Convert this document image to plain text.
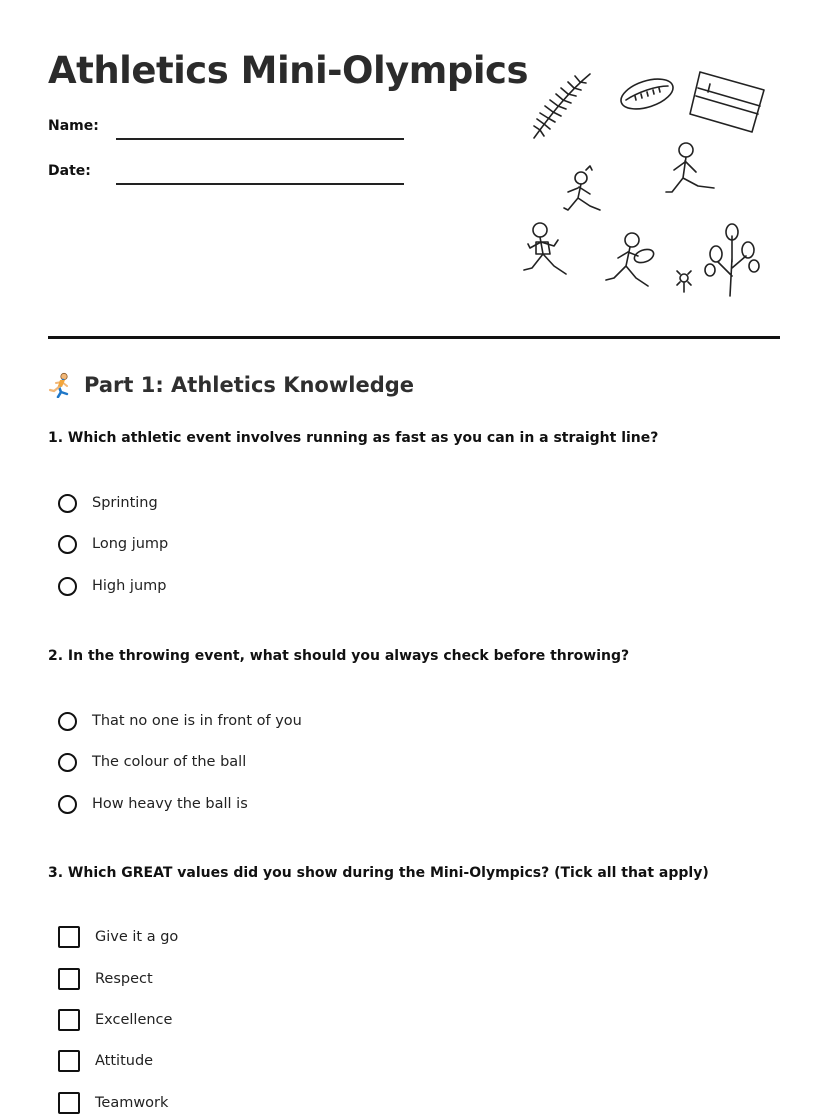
Athletics Mini-Olympics
Name:
Date:
Part 1: Athletics Knowledge

1. Which athletic event involves running as fast as you can in a straight line?

Sprinting
Long jump
High jump

2. In the throwing event, what should you always check before throwing?

That no one is in front of you
The colour of the ball
How heavy the ball is

3. Which GREAT values did you show during the Mini-Olympics? (Tick all that apply)

Give it a go
Respect
Excellence
Attitude
Teamwork
